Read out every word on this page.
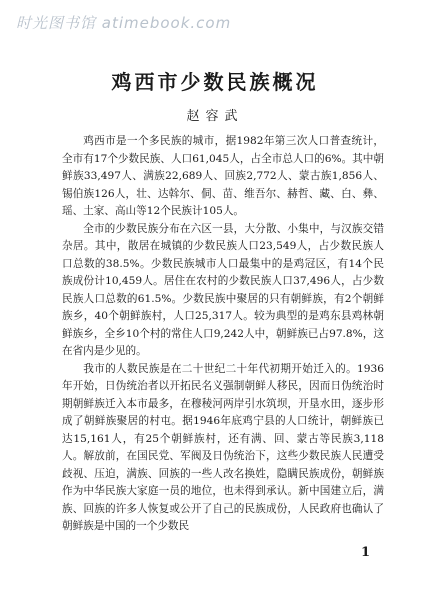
时光图书馆 atimebook.com
鸡西市少数民族概况
赵容武

鸡西市是一个多民族的城市，据1982年第三次人口普查统计，全市有17个少数民族、人口61,045人，占全市总人口的6%。其中朝鲜族33,497人、满族22,689人、回族2,772人、蒙古族1,856人、锡伯族126人，壮、达斡尔、侗、苗、维吾尔、赫哲、藏、白、彝、瑶、土家、高山等12个民族计105人。

全市的少数民族分布在六区一县，大分散、小集中，与汉族交错杂居。其中，散居在城镇的少数民族人口23,549人，占少数民族人口总数的38.5%。少数民族城市人口最集中的是鸡冠区，有14个民族成份计10,459人。居住在农村的少数民族人口37,496人，占少数民族人口总数的61.5%。少数民族中聚居的只有朝鲜族，有2个朝鲜族乡，40个朝鲜族村，人口25,317人。较为典型的是鸡东县鸡林朝鲜族乡，全乡10个村的常住人口9,242人中，朝鲜族已占97.8%，这在省内是少见的。

我市的人数民族是在二十世纪二十年代初期开始迁入的。1936年开始，日伪统治者以开拓民名义强制朝鲜人移民，因而日伪统治时期朝鲜族迁入本市最多，在穆稜河两岸引水筑坝，开垦水田，逐步形成了朝鲜族聚居的村屯。据1946年底鸡宁县的人口统计，朝鲜族已达15,161人，有25个朝鲜族村，还有满、回、蒙古等民族3,118人。解放前，在国民党、军阀及日伪统治下，这些少数民族人民遭受歧视、压迫，满族、回族的一些人改名换姓，隐瞒民族成份，朝鲜族作为中华民族大家庭一员的地位，也未得到承认。新中国建立后，满族、回族的许多人恢复或公开了自己的民族成份，人民政府也确认了朝鲜族是中国的一个少数民

1
